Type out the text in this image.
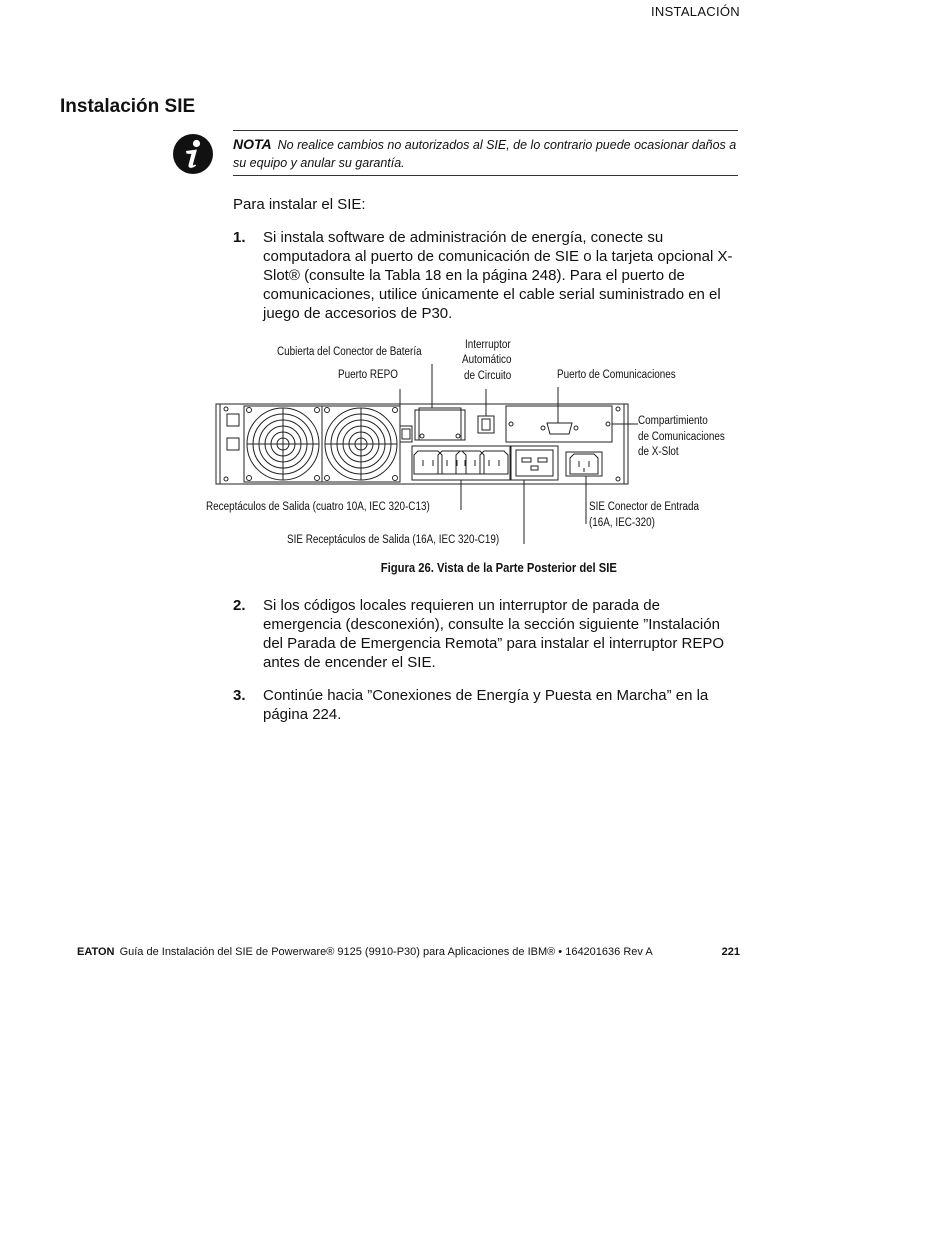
INSTALACIÓN
Instalación SIE
NOTA No realice cambios no autorizados al SIE, de lo contrario puede ocasionar daños a su equipo y anular su garantía.
Para instalar el SIE:
1. Si instala software de administración de energía, conecte su computadora al puerto de comunicación de SIE o la tarjeta opcional X-Slot® (consulte la Tabla 18 en la página 248). Para el puerto de comunicaciones, utilice únicamente el cable serial suministrado en el juego de accesorios de P30.
Cubierta del Conector de Batería
Puerto REPO
Interruptor
Automático
de Circuito	Puerto de Comunicaciones
Compartimiento
de Comunicaciones
de X-Slot
Receptáculos de Salida (cuatro 10A, IEC 320-C13)
SIE Receptáculos de Salida (16A, IEC 320-C19)
SIE Conector de Entrada
(16A, IEC-320)
Figura 26. Vista de la Parte Posterior del SIE
2. Si los códigos locales requieren un interruptor de parada de emergencia (desconexión), consulte la sección siguiente ”Instalación del Parada de Emergencia Remota” para instalar el interruptor REPO antes de encender el SIE.
3. Continúe hacia ”Conexiones de Energía y Puesta en Marcha” en la página 224.
EATON Guía de Instalación del SIE de Powerware® 9125 (9910-P30) para Aplicaciones de IBM® • 164201636 Rev A	221
